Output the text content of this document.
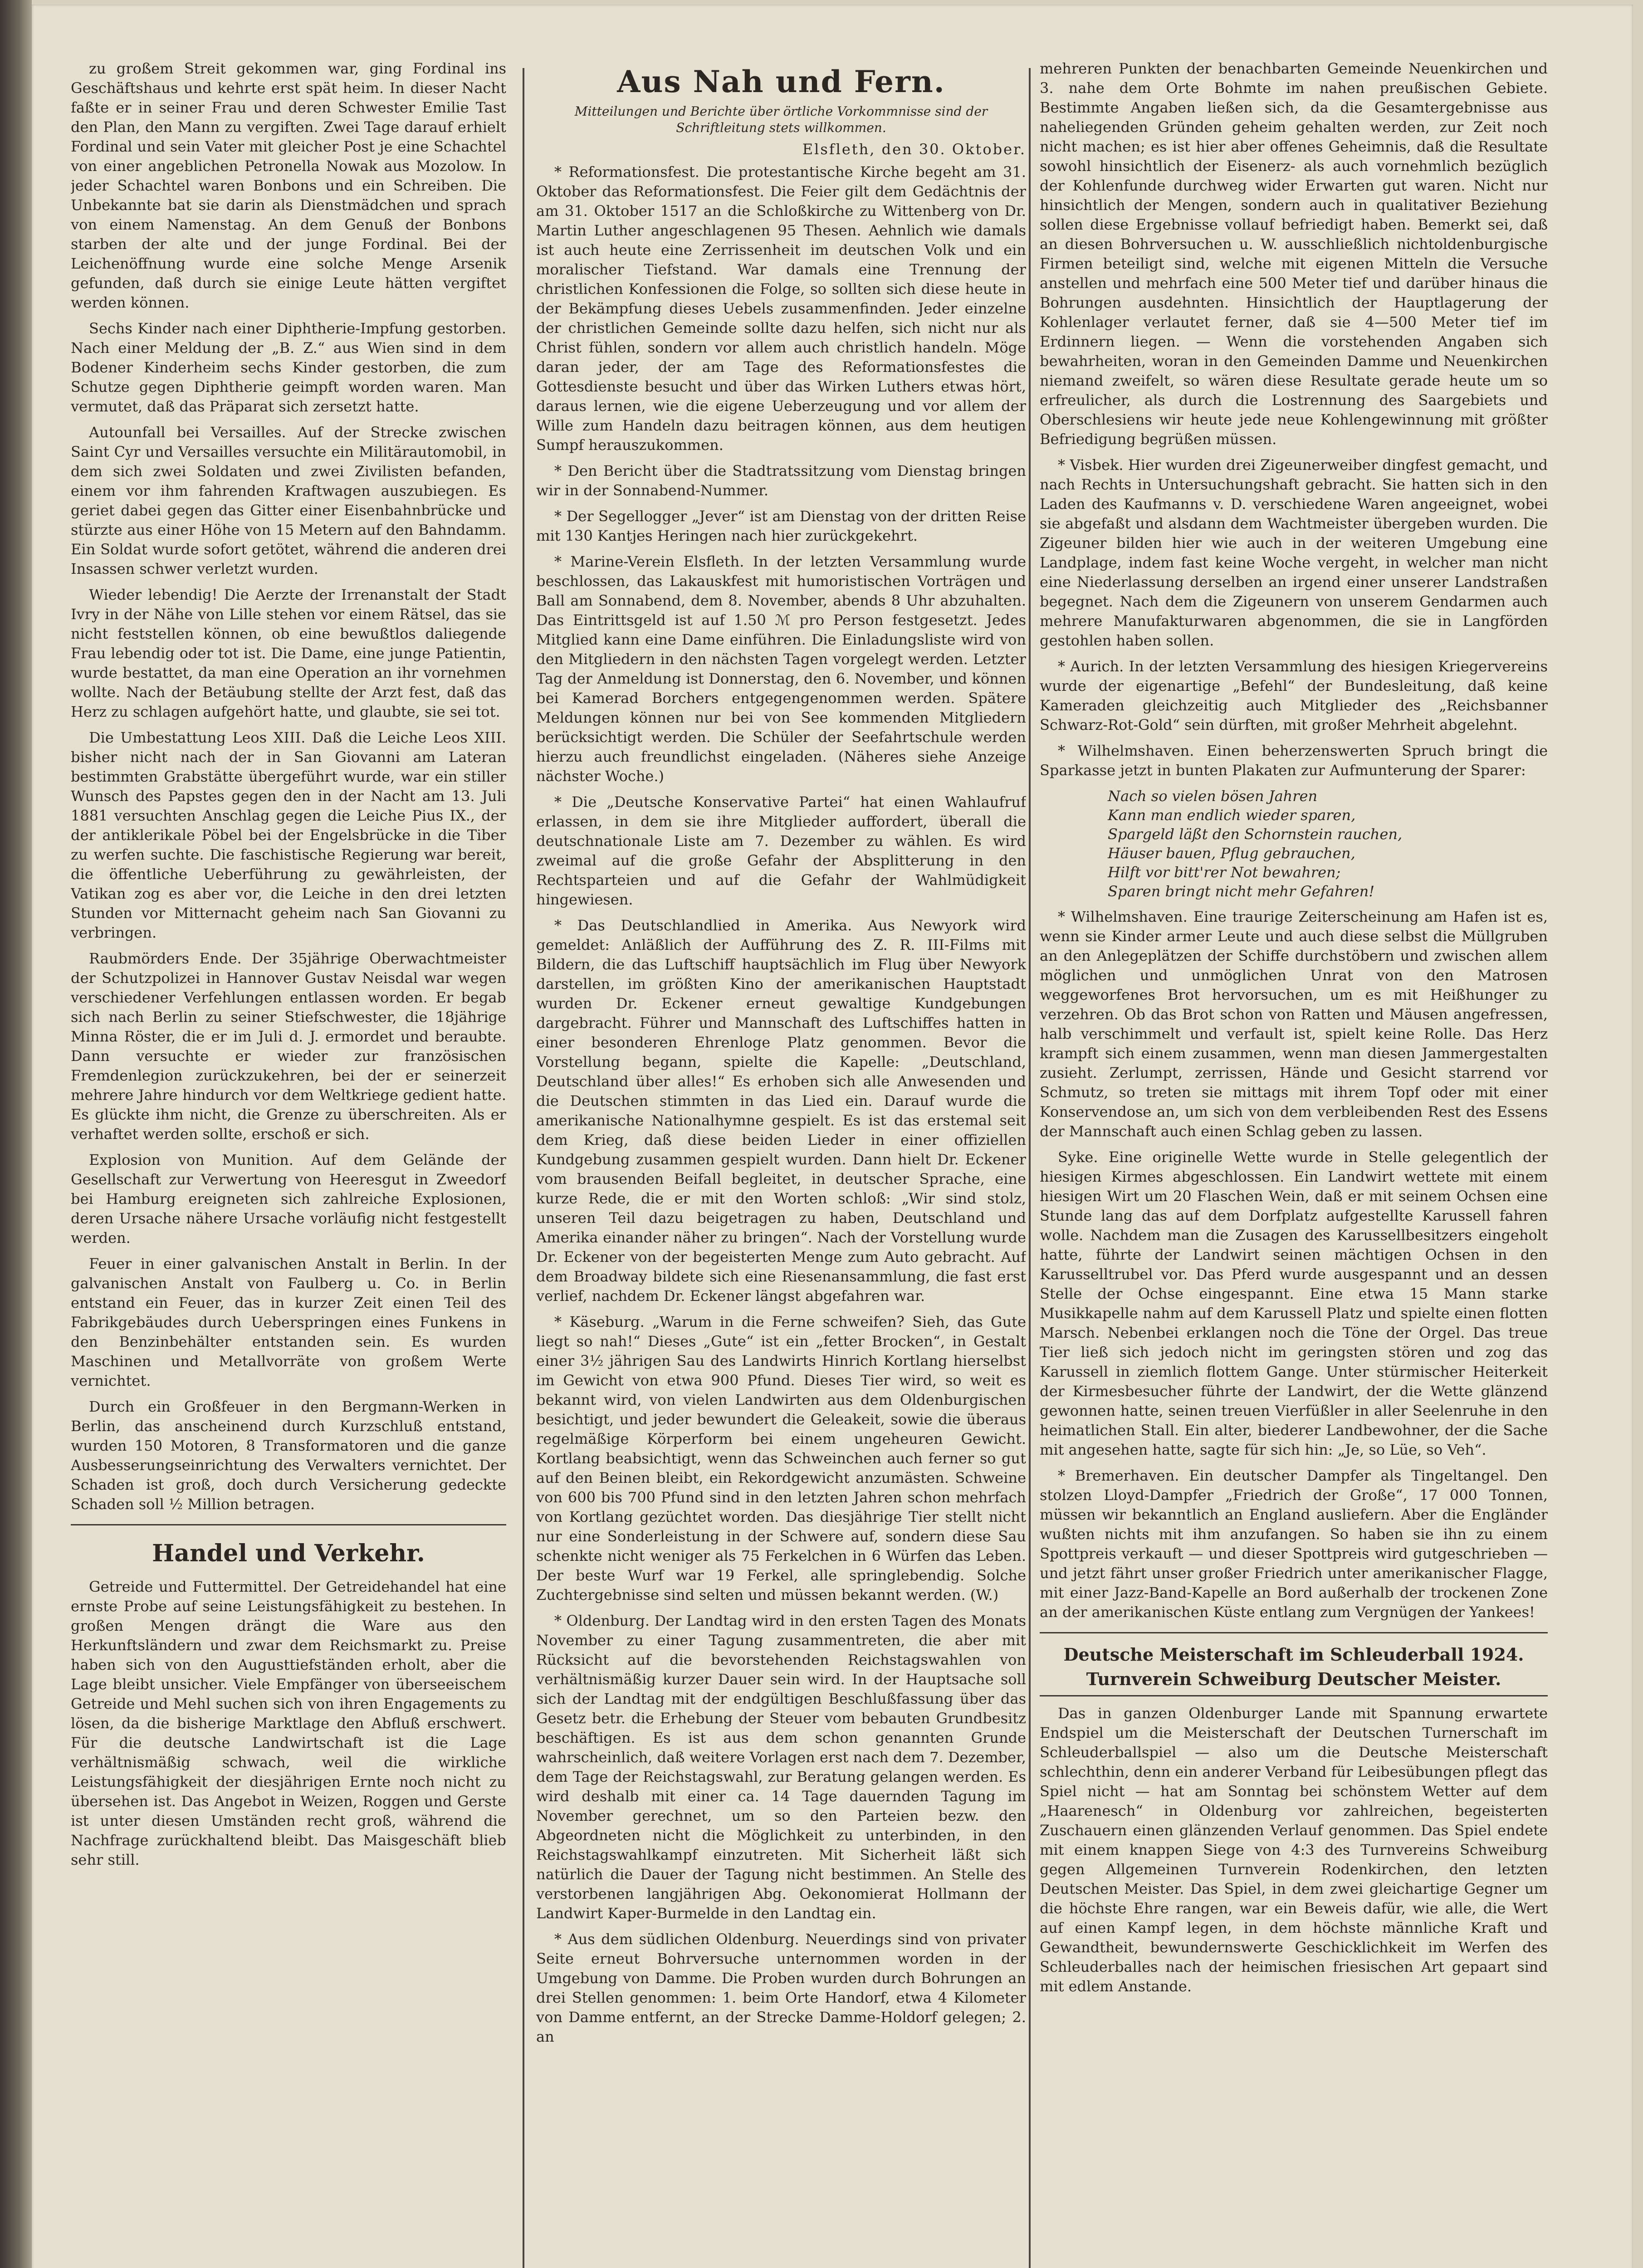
zu großem Streit gekommen war, ging Fordinal ins Geschäftshaus und kehrte erst spät heim. In dieser Nacht faßte er in seiner Frau und deren Schwester Emilie Tast den Plan, den Mann zu vergiften. Zwei Tage darauf erhielt Fordinal und sein Vater mit gleicher Post je eine Schachtel von einer angeblichen Petronella Nowak aus Mozolow. In jeder Schachtel waren Bonbons und ein Schreiben. Die Unbekannte bat sie darin als Dienstmädchen und sprach von einem Namenstag. An dem Genuß der Bonbons starben der alte und der junge Fordinal. Bei der Leichenöffnung wurde eine solche Menge Arsenik gefunden, daß durch sie einige Leute hätten vergiftet werden können.

Sechs Kinder nach einer Diphtherie-Impfung gestorben. Nach einer Meldung der „B. Z.“ aus Wien sind in dem Bodener Kinderheim sechs Kinder gestorben, die zum Schutze gegen Diphtherie geimpft worden waren. Man vermutet, daß das Präparat sich zersetzt hatte.

Autounfall bei Versailles. Auf der Strecke zwischen Saint Cyr und Versailles versuchte ein Militärautomobil, in dem sich zwei Soldaten und zwei Zivilisten befanden, einem vor ihm fahrenden Kraftwagen auszubiegen. Es geriet dabei gegen das Gitter einer Eisenbahnbrücke und stürzte aus einer Höhe von 15 Metern auf den Bahndamm. Ein Soldat wurde sofort getötet, während die anderen drei Insassen schwer verletzt wurden.

Wieder lebendig! Die Aerzte der Irrenanstalt der Stadt Ivry in der Nähe von Lille stehen vor einem Rätsel, das sie nicht feststellen können, ob eine bewußtlos daliegende Frau lebendig oder tot ist. Die Dame, eine junge Patientin, wurde bestattet, da man eine Operation an ihr vornehmen wollte. Nach der Betäubung stellte der Arzt fest, daß das Herz zu schlagen aufgehört hatte, und glaubte, sie sei tot.

Die Umbestattung Leos XIII. Daß die Leiche Leos XIII. bisher nicht nach der in San Giovanni am Lateran bestimmten Grabstätte übergeführt wurde, war ein stiller Wunsch des Papstes gegen den in der Nacht am 13. Juli 1881 versuchten Anschlag gegen die Leiche Pius IX., der der antiklerikale Pöbel bei der Engelsbrücke in die Tiber zu werfen suchte. Die faschistische Regierung war bereit, die öffentliche Ueberführung zu gewährleisten, der Vatikan zog es aber vor, die Leiche in den drei letzten Stunden vor Mitternacht geheim nach San Giovanni zu verbringen.

Raubmörders Ende. Der 35jährige Oberwachtmeister der Schutzpolizei in Hannover Gustav Neisdal war wegen verschiedener Verfehlungen entlassen worden. Er begab sich nach Berlin zu seiner Stiefschwester, die 18jährige Minna Röster, die er im Juli d. J. ermordet und beraubte. Dann versuchte er wieder zur französischen Fremdenlegion zurückzukehren, bei der er seinerzeit mehrere Jahre hindurch vor dem Weltkriege gedient hatte. Es glückte ihm nicht, die Grenze zu überschreiten. Als er verhaftet werden sollte, erschoß er sich.

Explosion von Munition. Auf dem Gelände der Gesellschaft zur Verwertung von Heeresgut in Zweedorf bei Hamburg ereigneten sich zahlreiche Explosionen, deren Ursache nähere Ursache vorläufig nicht festgestellt werden.

Feuer in einer galvanischen Anstalt in Berlin. In der galvanischen Anstalt von Faulberg u. Co. in Berlin entstand ein Feuer, das in kurzer Zeit einen Teil des Fabrikgebäudes durch Ueberspringen eines Funkens in den Benzinbehälter entstanden sein. Es wurden Maschinen und Metallvorräte von großem Werte vernichtet.

Durch ein Großfeuer in den Bergmann-Werken in Berlin, das anscheinend durch Kurzschluß entstand, wurden 150 Motoren, 8 Transformatoren und die ganze Ausbesserungseinrichtung des Verwalters vernichtet. Der Schaden ist groß, doch durch Versicherung gedeckte Schaden soll ½ Million betragen.

Handel und Verkehr.

Getreide und Futtermittel. Der Getreidehandel hat eine ernste Probe auf seine Leistungsfähigkeit zu bestehen. In großen Mengen drängt die Ware aus den Herkunftsländern und zwar dem Reichsmarkt zu. Preise haben sich von den Augusttiefständen erholt, aber die Lage bleibt unsicher. Viele Empfänger von überseeischem Getreide und Mehl suchen sich von ihren Engagements zu lösen, da die bisherige Marktlage den Abfluß erschwert. Für die deutsche Landwirtschaft ist die Lage verhältnismäßig schwach, weil die wirkliche Leistungsfähigkeit der diesjährigen Ernte noch nicht zu übersehen ist. Das Angebot in Weizen, Roggen und Gerste ist unter diesen Umständen recht groß, während die Nachfrage zurückhaltend bleibt. Das Maisgeschäft blieb sehr still.

Aus Nah und Fern.
Mitteilungen und Berichte über örtliche Vorkommnisse sind der Schriftleitung stets willkommen.
Elsfleth, den 30. Oktober.

* Reformationsfest. Die protestantische Kirche begeht am 31. Oktober das Reformationsfest. Die Feier gilt dem Gedächtnis der am 31. Oktober 1517 an die Schloßkirche zu Wittenberg von Dr. Martin Luther angeschlagenen 95 Thesen. Aehnlich wie damals ist auch heute eine Zerrissenheit im deutschen Volk und ein moralischer Tiefstand. War damals eine Trennung der christlichen Konfessionen die Folge, so sollten sich diese heute in der Bekämpfung dieses Uebels zusammenfinden. Jeder einzelne der christlichen Gemeinde sollte dazu helfen, sich nicht nur als Christ fühlen, sondern vor allem auch christlich handeln. Möge daran jeder, der am Tage des Reformationsfestes die Gottesdienste besucht und über das Wirken Luthers etwas hört, daraus lernen, wie die eigene Ueberzeugung und vor allem der Wille zum Handeln dazu beitragen können, aus dem heutigen Sumpf herauszukommen.

* Den Bericht über die Stadtratssitzung vom Dienstag bringen wir in der Sonnabend-Nummer.

* Der Segellogger „Jever“ ist am Dienstag von der dritten Reise mit 130 Kantjes Heringen nach hier zurückgekehrt.

* Marine-Verein Elsfleth. In der letzten Versammlung wurde beschlossen, das Lakauskfest mit humoristischen Vorträgen und Ball am Sonnabend, dem 8. November, abends 8 Uhr abzuhalten. Das Eintrittsgeld ist auf 1.50 ℳ pro Person festgesetzt. Jedes Mitglied kann eine Dame einführen. Die Einladungsliste wird von den Mitgliedern in den nächsten Tagen vorgelegt werden. Letzter Tag der Anmeldung ist Donnerstag, den 6. November, und können bei Kamerad Borchers entgegengenommen werden. Spätere Meldungen können nur bei von See kommenden Mitgliedern berücksichtigt werden. Die Schüler der Seefahrtschule werden hierzu auch freundlichst eingeladen. (Näheres siehe Anzeige nächster Woche.)

* Die „Deutsche Konservative Partei“ hat einen Wahlaufruf erlassen, in dem sie ihre Mitglieder auffordert, überall die deutschnationale Liste am 7. Dezember zu wählen. Es wird zweimal auf die große Gefahr der Absplitterung in den Rechtsparteien und auf die Gefahr der Wahlmüdigkeit hingewiesen.

* Das Deutschlandlied in Amerika. Aus Newyork wird gemeldet: Anläßlich der Aufführung des Z. R. III-Films mit Bildern, die das Luftschiff hauptsächlich im Flug über Newyork darstellen, im größten Kino der amerikanischen Hauptstadt wurden Dr. Eckener erneut gewaltige Kundgebungen dargebracht. Führer und Mannschaft des Luftschiffes hatten in einer besonderen Ehrenloge Platz genommen. Bevor die Vorstellung begann, spielte die Kapelle: „Deutschland, Deutschland über alles!“ Es erhoben sich alle Anwesenden und die Deutschen stimmten in das Lied ein. Darauf wurde die amerikanische Nationalhymne gespielt. Es ist das erstemal seit dem Krieg, daß diese beiden Lieder in einer offiziellen Kundgebung zusammen gespielt wurden. Dann hielt Dr. Eckener vom brausenden Beifall begleitet, in deutscher Sprache, eine kurze Rede, die er mit den Worten schloß: „Wir sind stolz, unseren Teil dazu beigetragen zu haben, Deutschland und Amerika einander näher zu bringen“. Nach der Vorstellung wurde Dr. Eckener von der begeisterten Menge zum Auto gebracht. Auf dem Broadway bildete sich eine Riesenansammlung, die fast erst verlief, nachdem Dr. Eckener längst abgefahren war.

* Käseburg. „Warum in die Ferne schweifen? Sieh, das Gute liegt so nah!“ Dieses „Gute“ ist ein „fetter Brocken“, in Gestalt einer 3½ jährigen Sau des Landwirts Hinrich Kortlang hierselbst im Gewicht von etwa 900 Pfund. Dieses Tier wird, so weit es bekannt wird, von vielen Landwirten aus dem Oldenburgischen besichtigt, und jeder bewundert die Geleakeit, sowie die überaus regelmäßige Körperform bei einem ungeheuren Gewicht. Kortlang beabsichtigt, wenn das Schweinchen auch ferner so gut auf den Beinen bleibt, ein Rekordgewicht anzumästen. Schweine von 600 bis 700 Pfund sind in den letzten Jahren schon mehrfach von Kortlang gezüchtet worden. Das diesjährige Tier stellt nicht nur eine Sonderleistung in der Schwere auf, sondern diese Sau schenkte nicht weniger als 75 Ferkelchen in 6 Würfen das Leben. Der beste Wurf war 19 Ferkel, alle springlebendig. Solche Zuchtergebnisse sind selten und müssen bekannt werden. (W.)

* Oldenburg. Der Landtag wird in den ersten Tagen des Monats November zu einer Tagung zusammentreten, die aber mit Rücksicht auf die bevorstehenden Reichstagswahlen von verhältnismäßig kurzer Dauer sein wird. In der Hauptsache soll sich der Landtag mit der endgültigen Beschlußfassung über das Gesetz betr. die Erhebung der Steuer vom bebauten Grundbesitz beschäftigen. Es ist aus dem schon genannten Grunde wahrscheinlich, daß weitere Vorlagen erst nach dem 7. Dezember, dem Tage der Reichstagswahl, zur Beratung gelangen werden. Es wird deshalb mit einer ca. 14 Tage dauernden Tagung im November gerechnet, um so den Parteien bezw. den Abgeordneten nicht die Möglichkeit zu unterbinden, in den Reichstagswahlkampf einzutreten. Mit Sicherheit läßt sich natürlich die Dauer der Tagung nicht bestimmen. An Stelle des verstorbenen langjährigen Abg. Oekonomierat Hollmann der Landwirt Kaper-Burmelde in den Landtag ein.

* Aus dem südlichen Oldenburg. Neuerdings sind von privater Seite erneut Bohrversuche unternommen worden in der Umgebung von Damme. Die Proben wurden durch Bohrungen an drei Stellen genommen: 1. beim Orte Handorf, etwa 4 Kilometer von Damme entfernt, an der Strecke Damme-Holdorf gelegen; 2. an

mehreren Punkten der benachbarten Gemeinde Neuenkirchen und 3. nahe dem Orte Bohmte im nahen preußischen Gebiete. Bestimmte Angaben ließen sich, da die Gesamtergebnisse aus naheliegenden Gründen geheim gehalten werden, zur Zeit noch nicht machen; es ist hier aber offenes Geheimnis, daß die Resultate sowohl hinsichtlich der Eisenerz- als auch vornehmlich bezüglich der Kohlenfunde durchweg wider Erwarten gut waren. Nicht nur hinsichtlich der Mengen, sondern auch in qualitativer Beziehung sollen diese Ergebnisse vollauf befriedigt haben. Bemerkt sei, daß an diesen Bohrversuchen u. W. ausschließlich nichtoldenburgische Firmen beteiligt sind, welche mit eigenen Mitteln die Versuche anstellen und mehrfach eine 500 Meter tief und darüber hinaus die Bohrungen ausdehnten. Hinsichtlich der Hauptlagerung der Kohlenlager verlautet ferner, daß sie 4—500 Meter tief im Erdinnern liegen. — Wenn die vorstehenden Angaben sich bewahrheiten, woran in den Gemeinden Damme und Neuenkirchen niemand zweifelt, so wären diese Resultate gerade heute um so erfreulicher, als durch die Lostrennung des Saargebiets und Oberschlesiens wir heute jede neue Kohlengewinnung mit größter Befriedigung begrüßen müssen.

* Visbek. Hier wurden drei Zigeunerweiber dingfest gemacht, und nach Rechts in Untersuchungshaft gebracht. Sie hatten sich in den Laden des Kaufmanns v. D. verschiedene Waren angeeignet, wobei sie abgefaßt und alsdann dem Wachtmeister übergeben wurden. Die Zigeuner bilden hier wie auch in der weiteren Umgebung eine Landplage, indem fast keine Woche vergeht, in welcher man nicht eine Niederlassung derselben an irgend einer unserer Landstraßen begegnet. Nach dem die Zigeunern von unserem Gendarmen auch mehrere Manufakturwaren abgenommen, die sie in Langförden gestohlen haben sollen.

* Aurich. In der letzten Versammlung des hiesigen Kriegervereins wurde der eigenartige „Befehl“ der Bundesleitung, daß keine Kameraden gleichzeitig auch Mitglieder des „Reichsbanner Schwarz-Rot-Gold“ sein dürften, mit großer Mehrheit abgelehnt.

* Wilhelmshaven. Einen beherzenswerten Spruch bringt die Sparkasse jetzt in bunten Plakaten zur Aufmunterung der Sparer:

Nach so vielen bösen Jahren
Kann man endlich wieder sparen,
Spargeld läßt den Schornstein rauchen,
Häuser bauen, Pflug gebrauchen,
Hilft vor bitt'rer Not bewahren;
Sparen bringt nicht mehr Gefahren!

* Wilhelmshaven. Eine traurige Zeiterscheinung am Hafen ist es, wenn sie Kinder armer Leute und auch diese selbst die Müllgruben an den Anlegeplätzen der Schiffe durchstöbern und zwischen allem möglichen und unmöglichen Unrat von den Matrosen weggeworfenes Brot hervorsuchen, um es mit Heißhunger zu verzehren. Ob das Brot schon von Ratten und Mäusen angefressen, halb verschimmelt und verfault ist, spielt keine Rolle. Das Herz krampft sich einem zusammen, wenn man diesen Jammergestalten zusieht. Zerlumpt, zerrissen, Hände und Gesicht starrend vor Schmutz, so treten sie mittags mit ihrem Topf oder mit einer Konservendose an, um sich von dem verbleibenden Rest des Essens der Mannschaft auch einen Schlag geben zu lassen.

Syke. Eine originelle Wette wurde in Stelle gelegentlich der hiesigen Kirmes abgeschlossen. Ein Landwirt wettete mit einem hiesigen Wirt um 20 Flaschen Wein, daß er mit seinem Ochsen eine Stunde lang das auf dem Dorfplatz aufgestellte Karussell fahren wolle. Nachdem man die Zusagen des Karussellbesitzers eingeholt hatte, führte der Landwirt seinen mächtigen Ochsen in den Karusselltrubel vor. Das Pferd wurde ausgespannt und an dessen Stelle der Ochse eingespannt. Eine etwa 15 Mann starke Musikkapelle nahm auf dem Karussell Platz und spielte einen flotten Marsch. Nebenbei erklangen noch die Töne der Orgel. Das treue Tier ließ sich jedoch nicht im geringsten stören und zog das Karussell in ziemlich flottem Gange. Unter stürmischer Heiterkeit der Kirmesbesucher führte der Landwirt, der die Wette glänzend gewonnen hatte, seinen treuen Vierfüßler in aller Seelenruhe in den heimatlichen Stall. Ein alter, biederer Landbewohner, der die Sache mit angesehen hatte, sagte für sich hin: „Je, so Lüe, so Veh“.

* Bremerhaven. Ein deutscher Dampfer als Tingeltangel. Den stolzen Lloyd-Dampfer „Friedrich der Große“, 17 000 Tonnen, müssen wir bekanntlich an England ausliefern. Aber die Engländer wußten nichts mit ihm anzufangen. So haben sie ihn zu einem Spottpreis verkauft — und dieser Spottpreis wird gutgeschrieben — und jetzt fährt unser großer Friedrich unter amerikanischer Flagge, mit einer Jazz-Band-Kapelle an Bord außerhalb der trockenen Zone an der amerikanischen Küste entlang zum Vergnügen der Yankees!

Deutsche Meisterschaft im Schleuderball 1924.
Turnverein Schweiburg Deutscher Meister.

Das in ganzen Oldenburger Lande mit Spannung erwartete Endspiel um die Meisterschaft der Deutschen Turnerschaft im Schleuderballspiel — also um die Deutsche Meisterschaft schlechthin, denn ein anderer Verband für Leibesübungen pflegt das Spiel nicht — hat am Sonntag bei schönstem Wetter auf dem „Haarenesch“ in Oldenburg vor zahlreichen, begeisterten Zuschauern einen glänzenden Verlauf genommen. Das Spiel endete mit einem knappen Siege von 4:3 des Turnvereins Schweiburg gegen Allgemeinen Turnverein Rodenkirchen, den letzten Deutschen Meister. Das Spiel, in dem zwei gleichartige Gegner um die höchste Ehre rangen, war ein Beweis dafür, wie alle, die Wert auf einen Kampf legen, in dem höchste männliche Kraft und Gewandtheit, bewundernswerte Geschicklichkeit im Werfen des Schleuderballes nach der heimischen friesischen Art gepaart sind mit edlem Anstande.
